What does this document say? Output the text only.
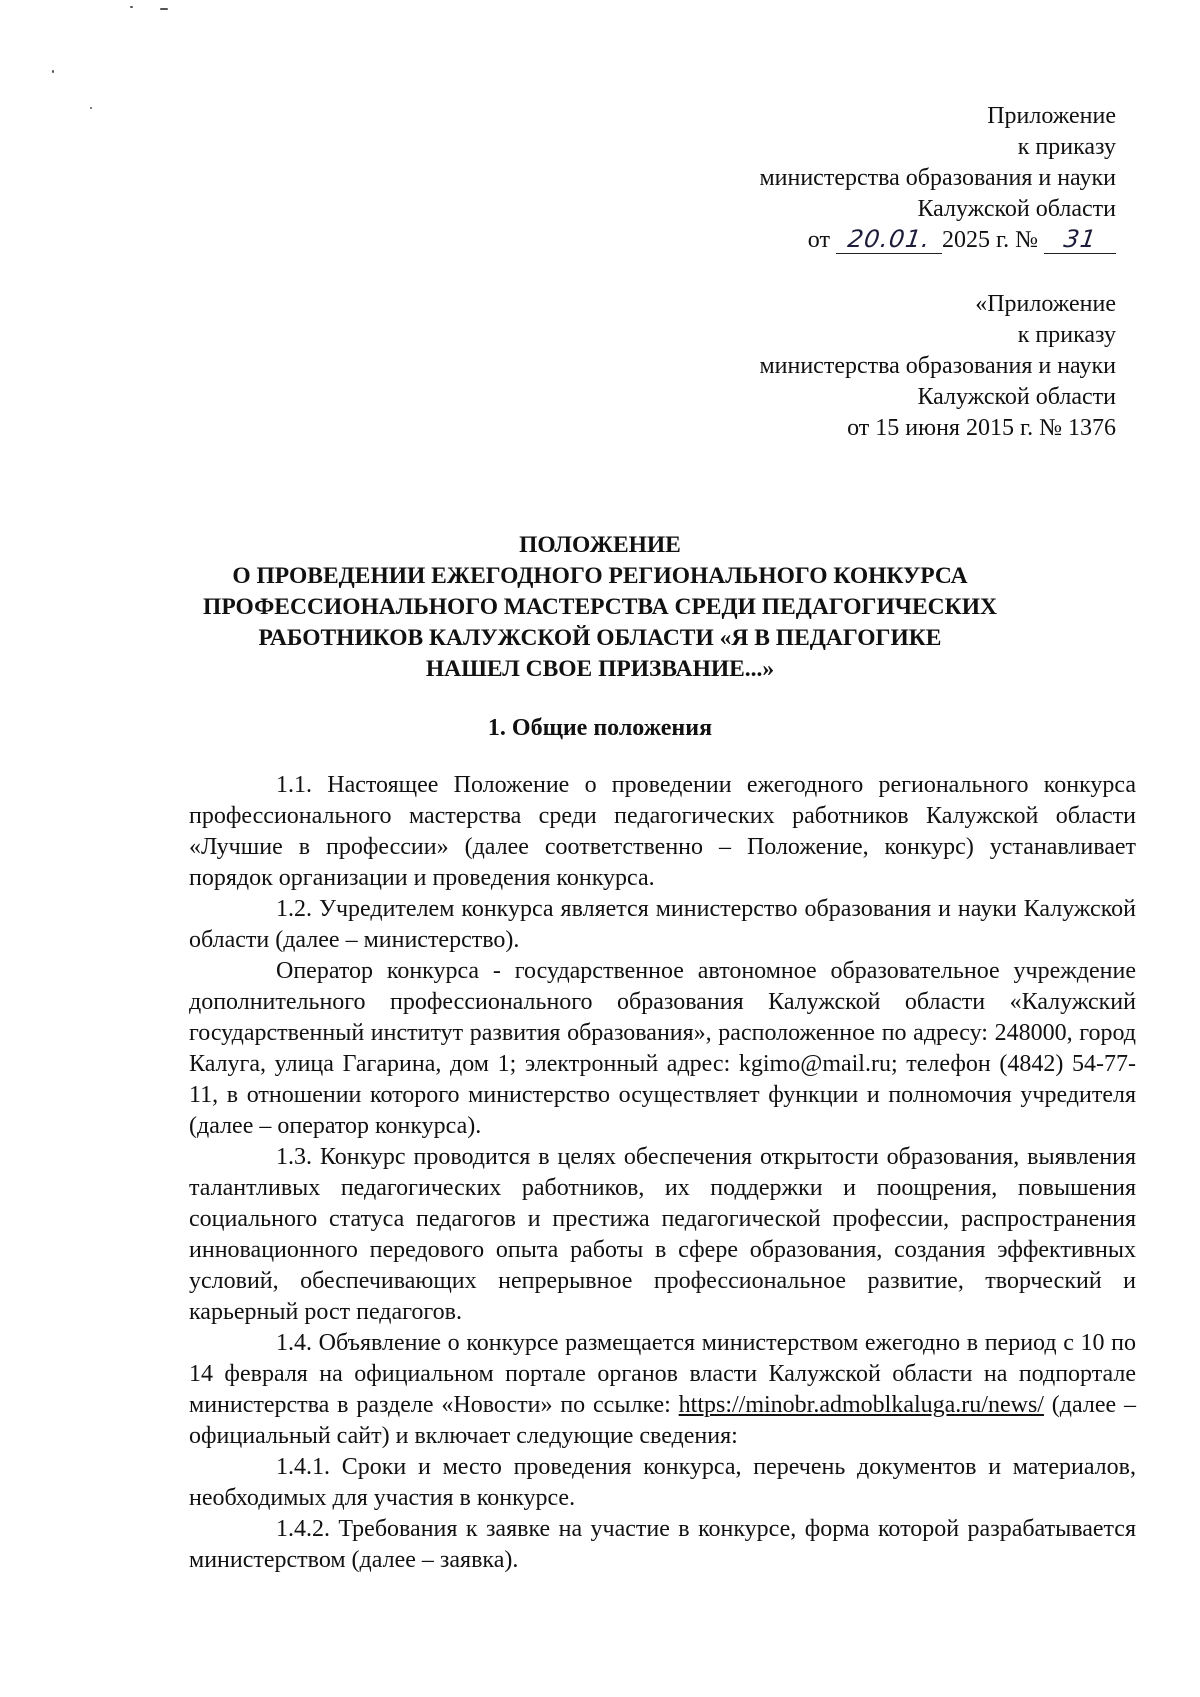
Приложение
к приказу
министерства образования и науки
Калужской области
от 20.01. 2025 г. № 31
«Приложение
к приказу
министерства образования и науки
Калужской области
от 15 июня 2015 г. № 1376
ПОЛОЖЕНИЕ
О ПРОВЕДЕНИИ ЕЖЕГОДНОГО РЕГИОНАЛЬНОГО КОНКУРСА
ПРОФЕССИОНАЛЬНОГО МАСТЕРСТВА СРЕДИ ПЕДАГОГИЧЕСКИХ
РАБОТНИКОВ КАЛУЖСКОЙ ОБЛАСТИ «Я В ПЕДАГОГИКЕ
НАШЕЛ СВОЕ ПРИЗВАНИЕ...»
1. Общие положения

1.1. Настоящее Положение о проведении ежегодного регионального конкурса профессионального мастерства среди педагогических работников Калужской области «Лучшие в профессии» (далее соответственно – Положение, конкурс) устанавливает порядок организации и проведения конкурса.

1.2. Учредителем конкурса является министерство образования и науки Калужской области (далее – министерство).

Оператор конкурса - государственное автономное образовательное учреждение дополнительного профессионального образования Калужской области «Калужский государственный институт развития образования», расположенное по адресу: 248000, город Калуга, улица Гагарина, дом 1; электронный адрес: kgimo@mail.ru; телефон (4842) 54-77-11, в отношении которого министерство осуществляет функции и полномочия учредителя (далее – оператор конкурса).

1.3. Конкурс проводится в целях обеспечения открытости образования, выявления талантливых педагогических работников, их поддержки и поощрения, повышения социального статуса педагогов и престижа педагогической профессии, распространения инновационного передового опыта работы в сфере образования, создания эффективных условий, обеспечивающих непрерывное профессиональное развитие, творческий и карьерный рост педагогов.

1.4. Объявление о конкурсе размещается министерством ежегодно в период с 10 по 14 февраля на официальном портале органов власти Калужской области на подпортале министерства в разделе «Новости» по ссылке: https://minobr.admoblkaluga.ru/news/ (далее – официальный сайт) и включает следующие сведения:

1.4.1. Сроки и место проведения конкурса, перечень документов и материалов, необходимых для участия в конкурсе.

1.4.2. Требования к заявке на участие в конкурсе, форма которой разрабатывается министерством (далее – заявка).
